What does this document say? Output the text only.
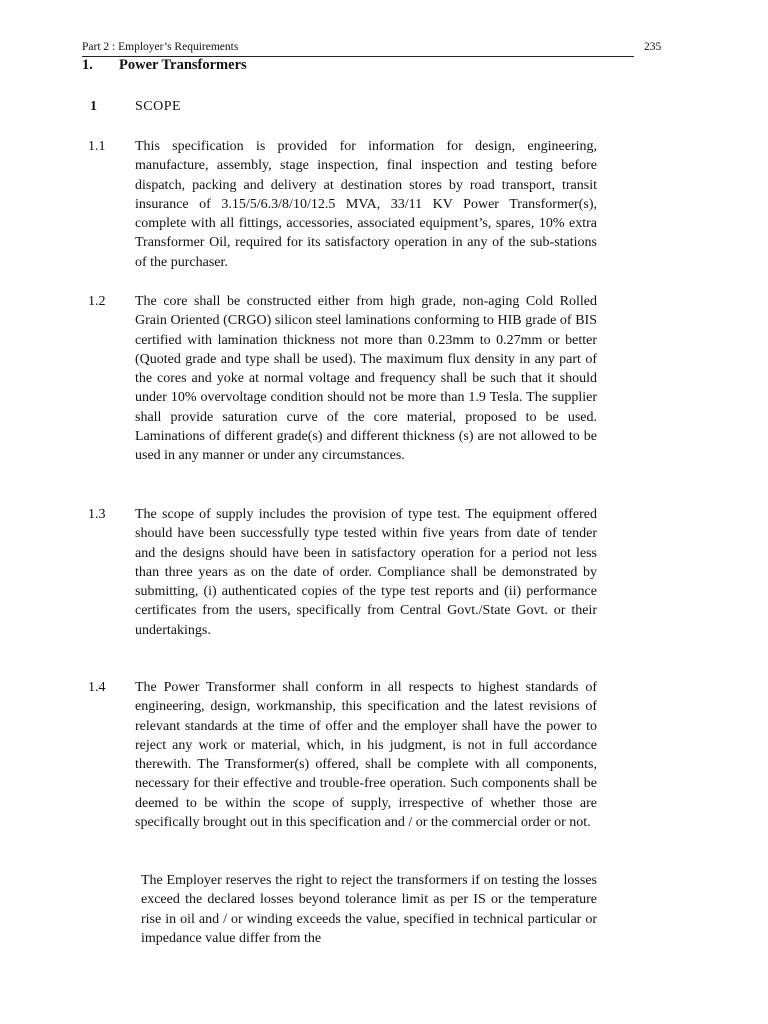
Part 2 : Employer’s Requirements	235
1. Power Transformers
1	SCOPE
1.1 This specification is provided for information for design, engineering, manufacture, assembly, stage inspection, final inspection and testing before dispatch, packing and delivery at destination stores by road transport, transit insurance of 3.15/5/6.3/8/10/12.5 MVA, 33/11 KV Power Transformer(s), complete with all fittings, accessories, associated equipment’s, spares, 10% extra Transformer Oil, required for its satisfactory operation in any of the sub-stations of the purchaser.
1.2 The core shall be constructed either from high grade, non-aging Cold Rolled Grain Oriented (CRGO) silicon steel laminations conforming to HIB grade of BIS certified with lamination thickness not more than 0.23mm to 0.27mm or better (Quoted grade and type shall be used). The maximum flux density in any part of the cores and yoke at normal voltage and frequency shall be such that it should under 10% overvoltage condition should not be more than 1.9 Tesla. The supplier shall provide saturation curve of the core material, proposed to be used. Laminations of different grade(s) and different thickness (s) are not allowed to be used in any manner or under any circumstances.
1.3 The scope of supply includes the provision of type test. The equipment offered should have been successfully type tested within five years from date of tender and the designs should have been in satisfactory operation for a period not less than three years as on the date of order. Compliance shall be demonstrated by submitting, (i) authenticated copies of the type test reports and (ii) performance certificates from the users, specifically from Central Govt./State Govt. or their undertakings.
1.4 The Power Transformer shall conform in all respects to highest standards of engineering, design, workmanship, this specification and the latest revisions of relevant standards at the time of offer and the employer shall have the power to reject any work or material, which, in his judgment, is not in full accordance therewith. The Transformer(s) offered, shall be complete with all components, necessary for their effective and trouble-free operation. Such components shall be deemed to be within the scope of supply, irrespective of whether those are specifically brought out in this specification and / or the commercial order or not.
The Employer reserves the right to reject the transformers if on testing the losses exceed the declared losses beyond tolerance limit as per IS or the temperature rise in oil and / or winding exceeds the value, specified in technical particular or impedance value differ from the
